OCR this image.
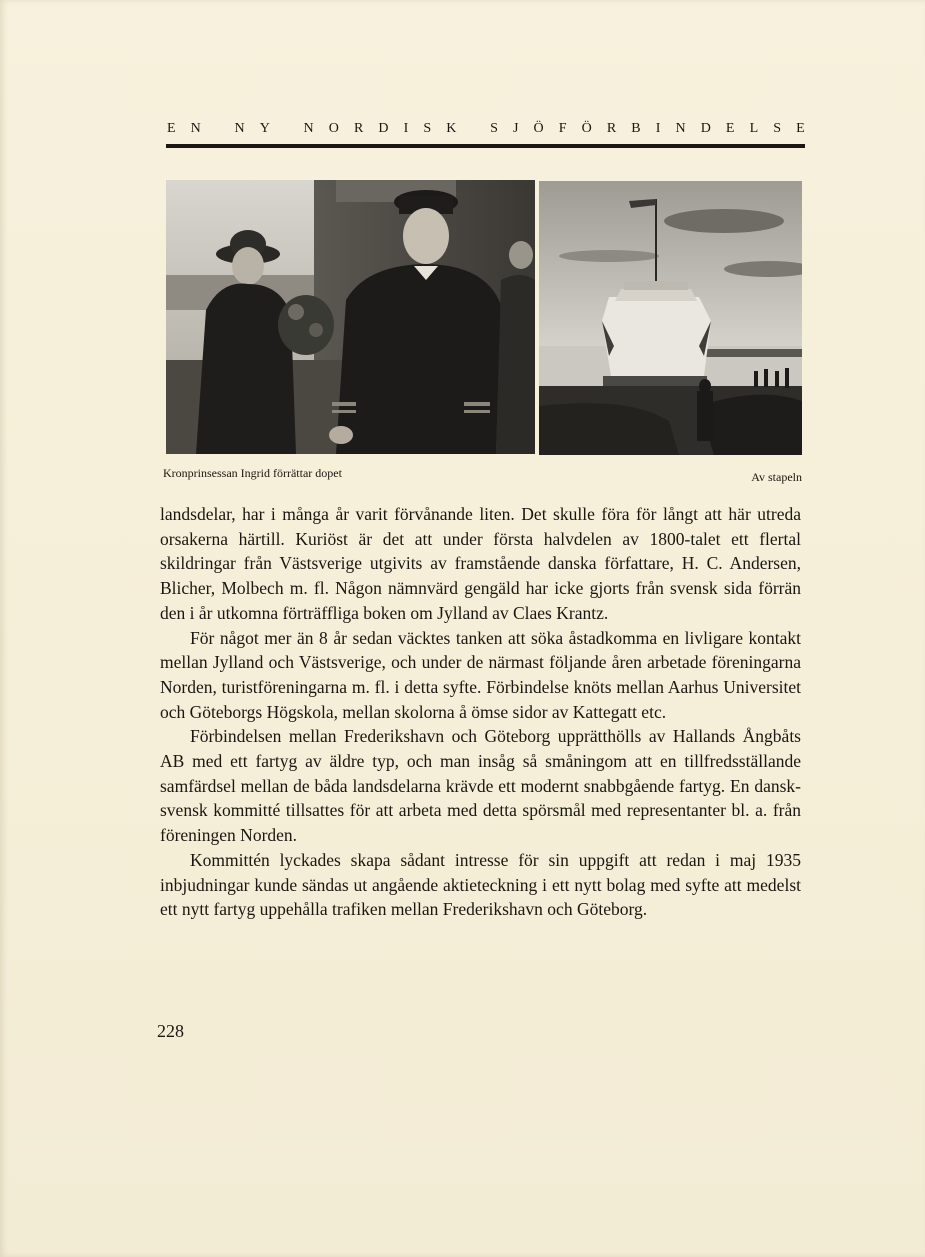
E N
N Y
N O R D I S K
S J Ö F Ö R B I N D E L S E
Kronprinsessan Ingrid förrättar dopet	Av stapeln

landsdelar, har i många år varit förvånande liten. Det skulle föra för långt att här utreda orsakerna härtill. Kuriöst är det att under första halvdelen av 1800-talet ett flertal skildringar från Västsverige utgivits av framstående danska författare, H. C. Andersen, Blicher, Molbech m. fl. Någon nämnvärd gengäld har icke gjorts från svensk sida förrän den i år utkomna förträffliga boken om Jylland av Claes Krantz.

För något mer än 8 år sedan väcktes tanken att söka åstadkomma en livligare kontakt mellan Jylland och Västsverige, och under de närmast följande åren arbetade föreningarna Norden, turistföreningarna m. fl. i detta syfte. Förbindelse knöts mellan Aarhus Universitet och Göteborgs Högskola, mellan skolorna å ömse sidor av Kattegatt etc.

Förbindelsen mellan Frederikshavn och Göteborg upprätthölls av Hallands Ångbåts AB med ett fartyg av äldre typ, och man insåg så småningom att en tillfredsställande samfärdsel mellan de båda landsdelarna krävde ett modernt snabbgående fartyg. En dansk-svensk kommitté tillsattes för att arbeta med detta spörsmål med representanter bl. a. från föreningen Norden.

Kommittén lyckades skapa sådant intresse för sin uppgift att redan i maj 1935 inbjudningar kunde sändas ut angående aktieteckning i ett nytt bolag med syfte att medelst ett nytt fartyg uppehålla trafiken mellan Frederikshavn och Göteborg.

228
